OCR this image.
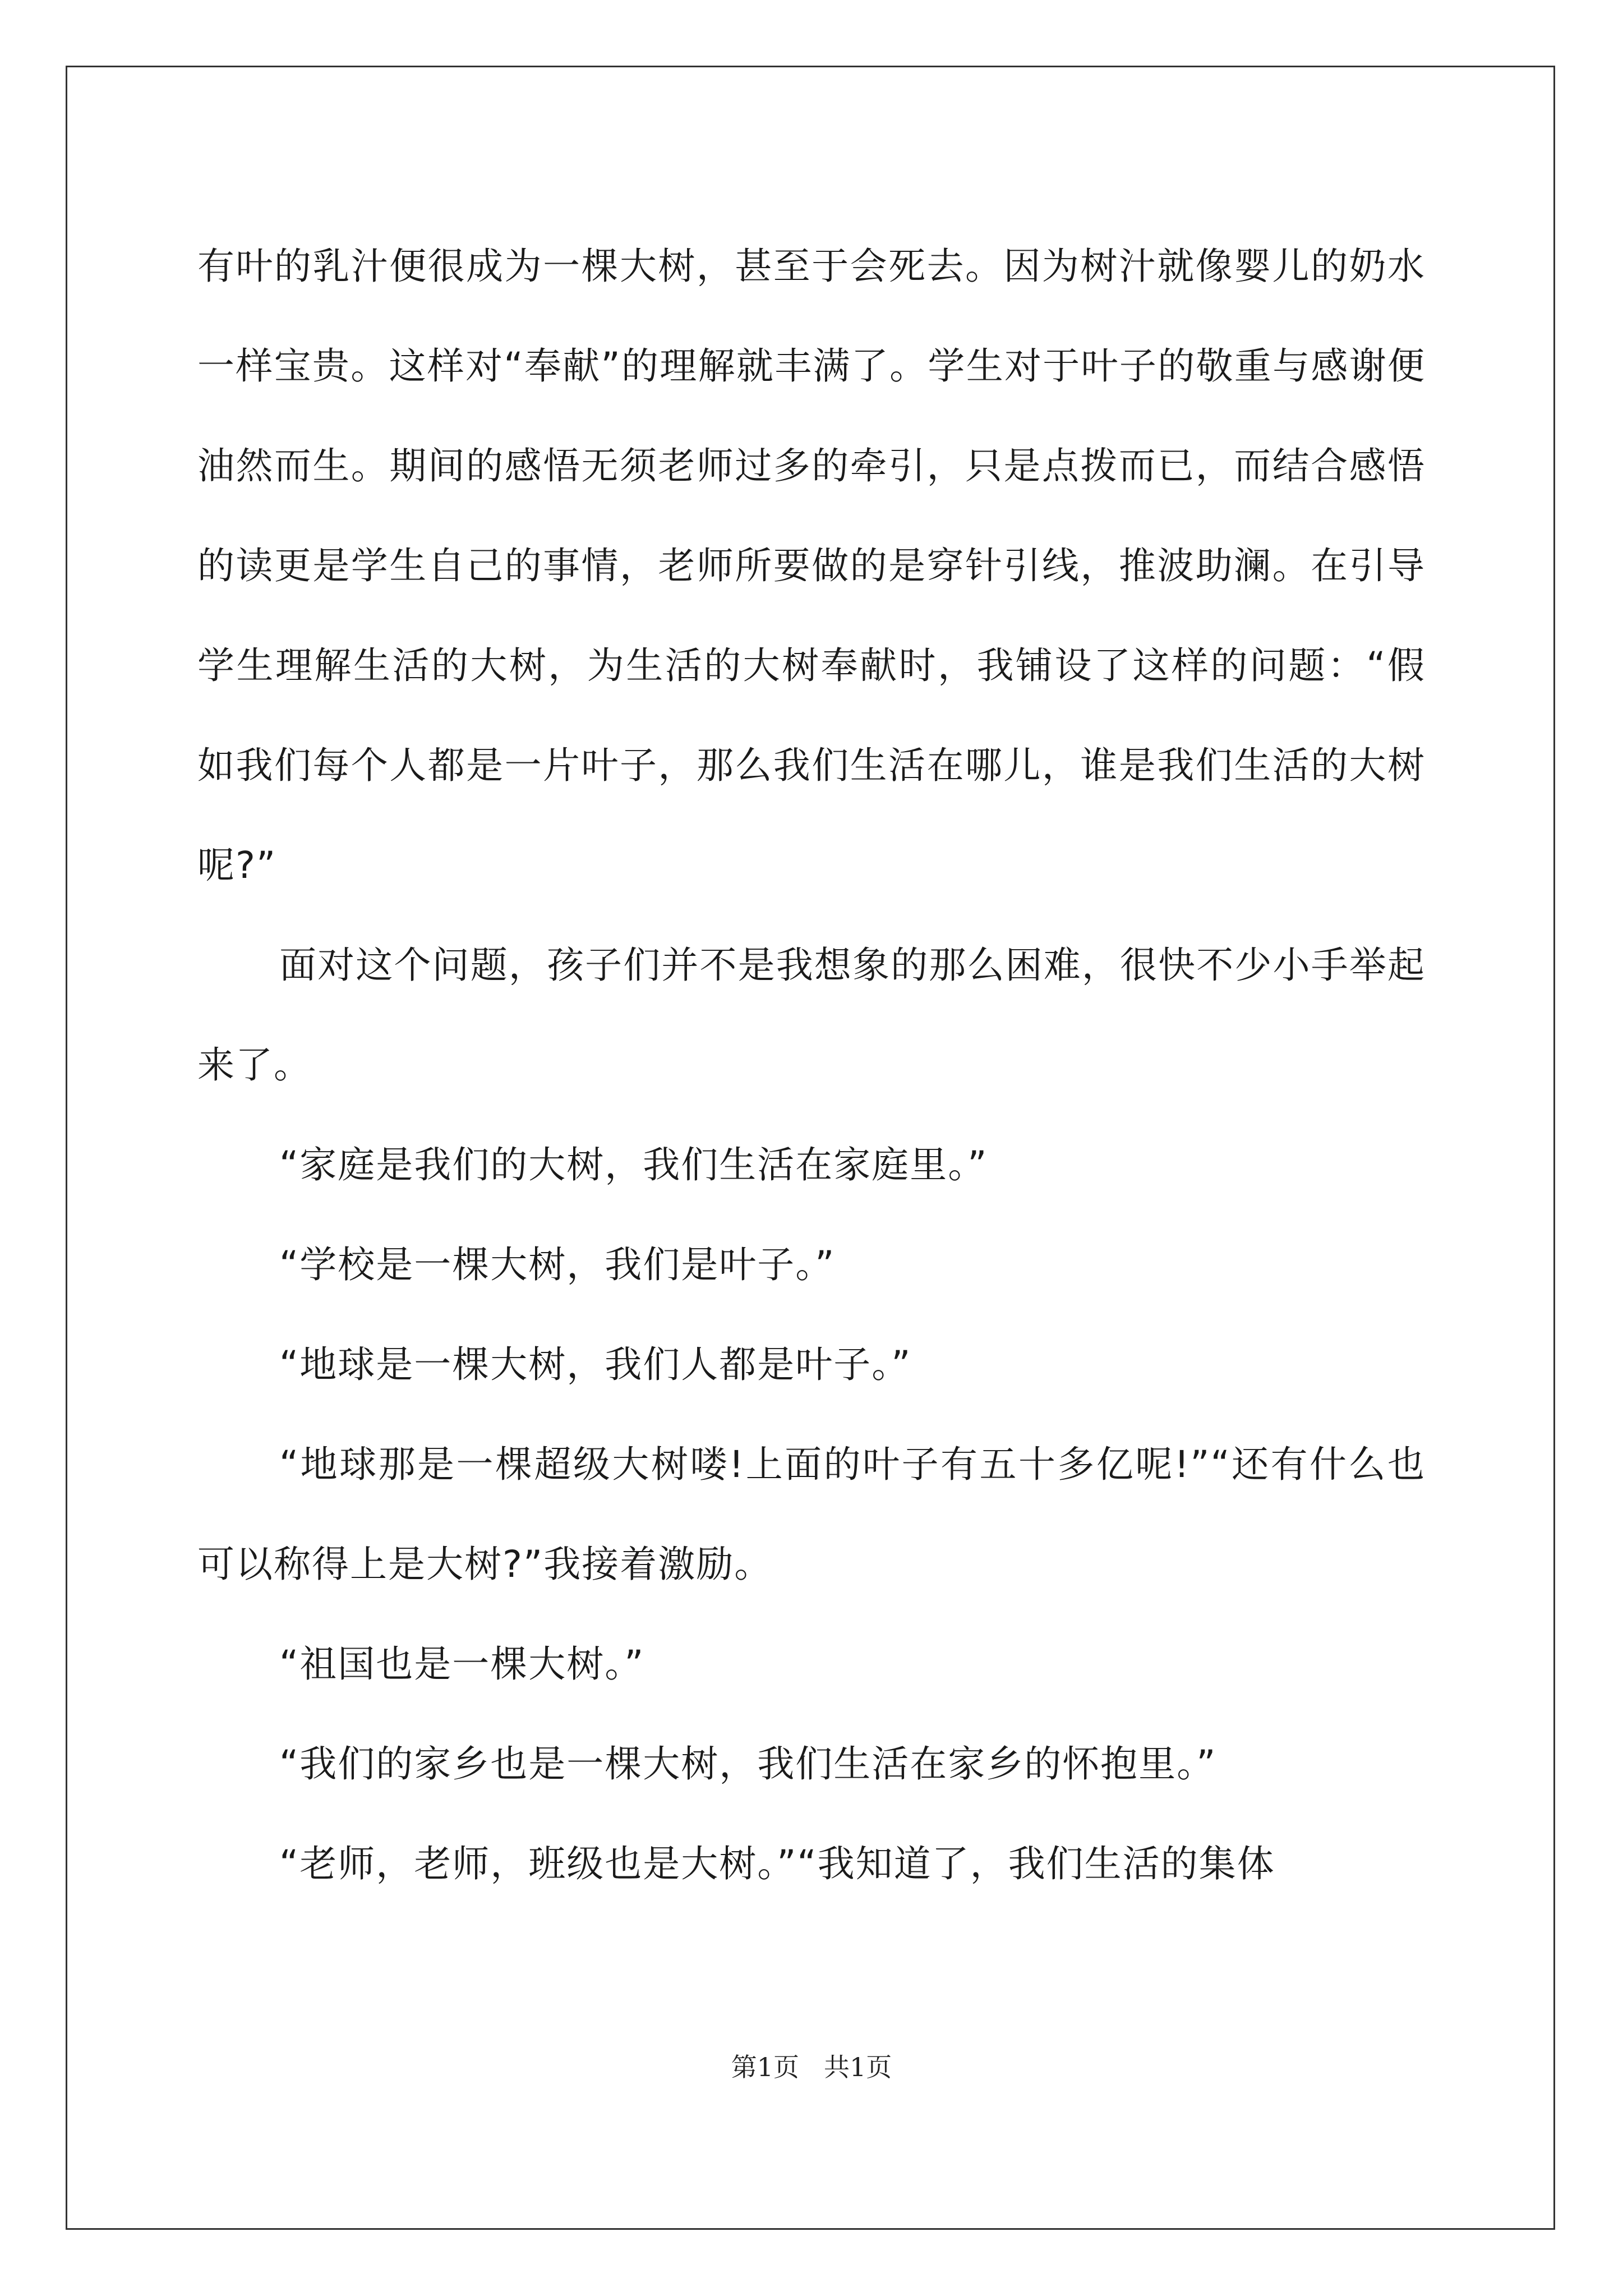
有叶的乳汁便很成为一棵大树，甚至于会死去。因为树汁就像婴儿的奶水一样宝贵。这样对“奉献”的理解就丰满了。学生对于叶子的敬重与感谢便油然而生。期间的感悟无须老师过多的牵引，只是点拨而已，而结合感悟的读更是学生自己的事情，老师所要做的是穿针引线，推波助澜。在引导学生理解生活的大树，为生活的大树奉献时，我铺设了这样的问题：“假如我们每个人都是一片叶子，那么我们生活在哪儿，谁是我们生活的大树呢?”

面对这个问题，孩子们并不是我想象的那么困难，很快不少小手举起来了。

“家庭是我们的大树，我们生活在家庭里。”

“学校是一棵大树，我们是叶子。”

“地球是一棵大树，我们人都是叶子。”

“地球那是一棵超级大树喽!上面的叶子有五十多亿呢!”“还有什么也可以称得上是大树?”我接着激励。

“祖国也是一棵大树。”

“我们的家乡也是一棵大树，我们生活在家乡的怀抱里。”

“老师，老师，班级也是大树。”“我知道了，我们生活的集体

第1页 共1页
